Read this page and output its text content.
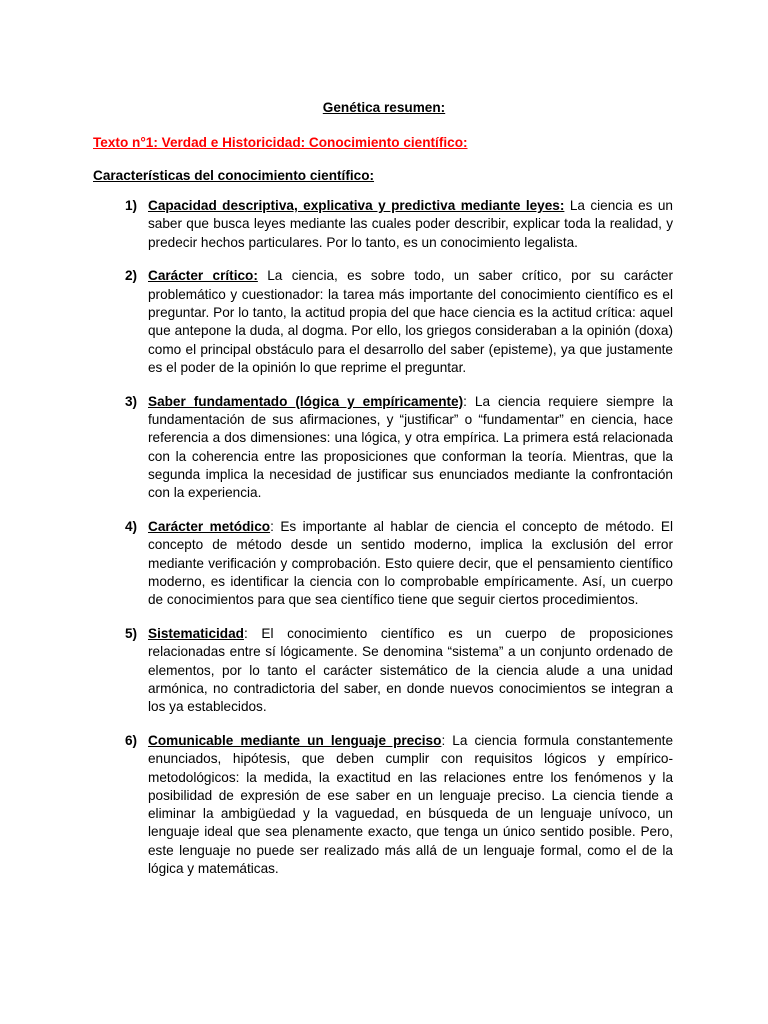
Genética resumen:
Texto n°1: Verdad e Historicidad: Conocimiento científico:
Características del conocimiento científico:
1) Capacidad descriptiva, explicativa y predictiva mediante leyes: La ciencia es un saber que busca leyes mediante las cuales poder describir, explicar toda la realidad, y predecir hechos particulares. Por lo tanto, es un conocimiento legalista.
2) Carácter crítico: La ciencia, es sobre todo, un saber crítico, por su carácter problemático y cuestionador: la tarea más importante del conocimiento científico es el preguntar. Por lo tanto, la actitud propia del que hace ciencia es la actitud crítica: aquel que antepone la duda, al dogma. Por ello, los griegos consideraban a la opinión (doxa) como el principal obstáculo para el desarrollo del saber (episteme), ya que justamente es el poder de la opinión lo que reprime el preguntar.
3) Saber fundamentado (lógica y empíricamente): La ciencia requiere siempre la fundamentación de sus afirmaciones, y “justificar” o “fundamentar” en ciencia, hace referencia a dos dimensiones: una lógica, y otra empírica. La primera está relacionada con la coherencia entre las proposiciones que conforman la teoría. Mientras, que la segunda implica la necesidad de justificar sus enunciados mediante la confrontación con la experiencia.
4) Carácter metódico: Es importante al hablar de ciencia el concepto de método. El concepto de método desde un sentido moderno, implica la exclusión del error mediante verificación y comprobación. Esto quiere decir, que el pensamiento científico moderno, es identificar la ciencia con lo comprobable empíricamente. Así, un cuerpo de conocimientos para que sea científico tiene que seguir ciertos procedimientos.
5) Sistematicidad: El conocimiento científico es un cuerpo de proposiciones relacionadas entre sí lógicamente. Se denomina “sistema” a un conjunto ordenado de elementos, por lo tanto el carácter sistemático de la ciencia alude a una unidad armónica, no contradictoria del saber, en donde nuevos conocimientos se integran a los ya establecidos.
6) Comunicable mediante un lenguaje preciso: La ciencia formula constantemente enunciados, hipótesis, que deben cumplir con requisitos lógicos y empírico-metodológicos: la medida, la exactitud en las relaciones entre los fenómenos y la posibilidad de expresión de ese saber en un lenguaje preciso. La ciencia tiende a eliminar la ambigüedad y la vaguedad, en búsqueda de un lenguaje unívoco, un lenguaje ideal que sea plenamente exacto, que tenga un único sentido posible. Pero, este lenguaje no puede ser realizado más allá de un lenguaje formal, como el de la lógica y matemáticas.
